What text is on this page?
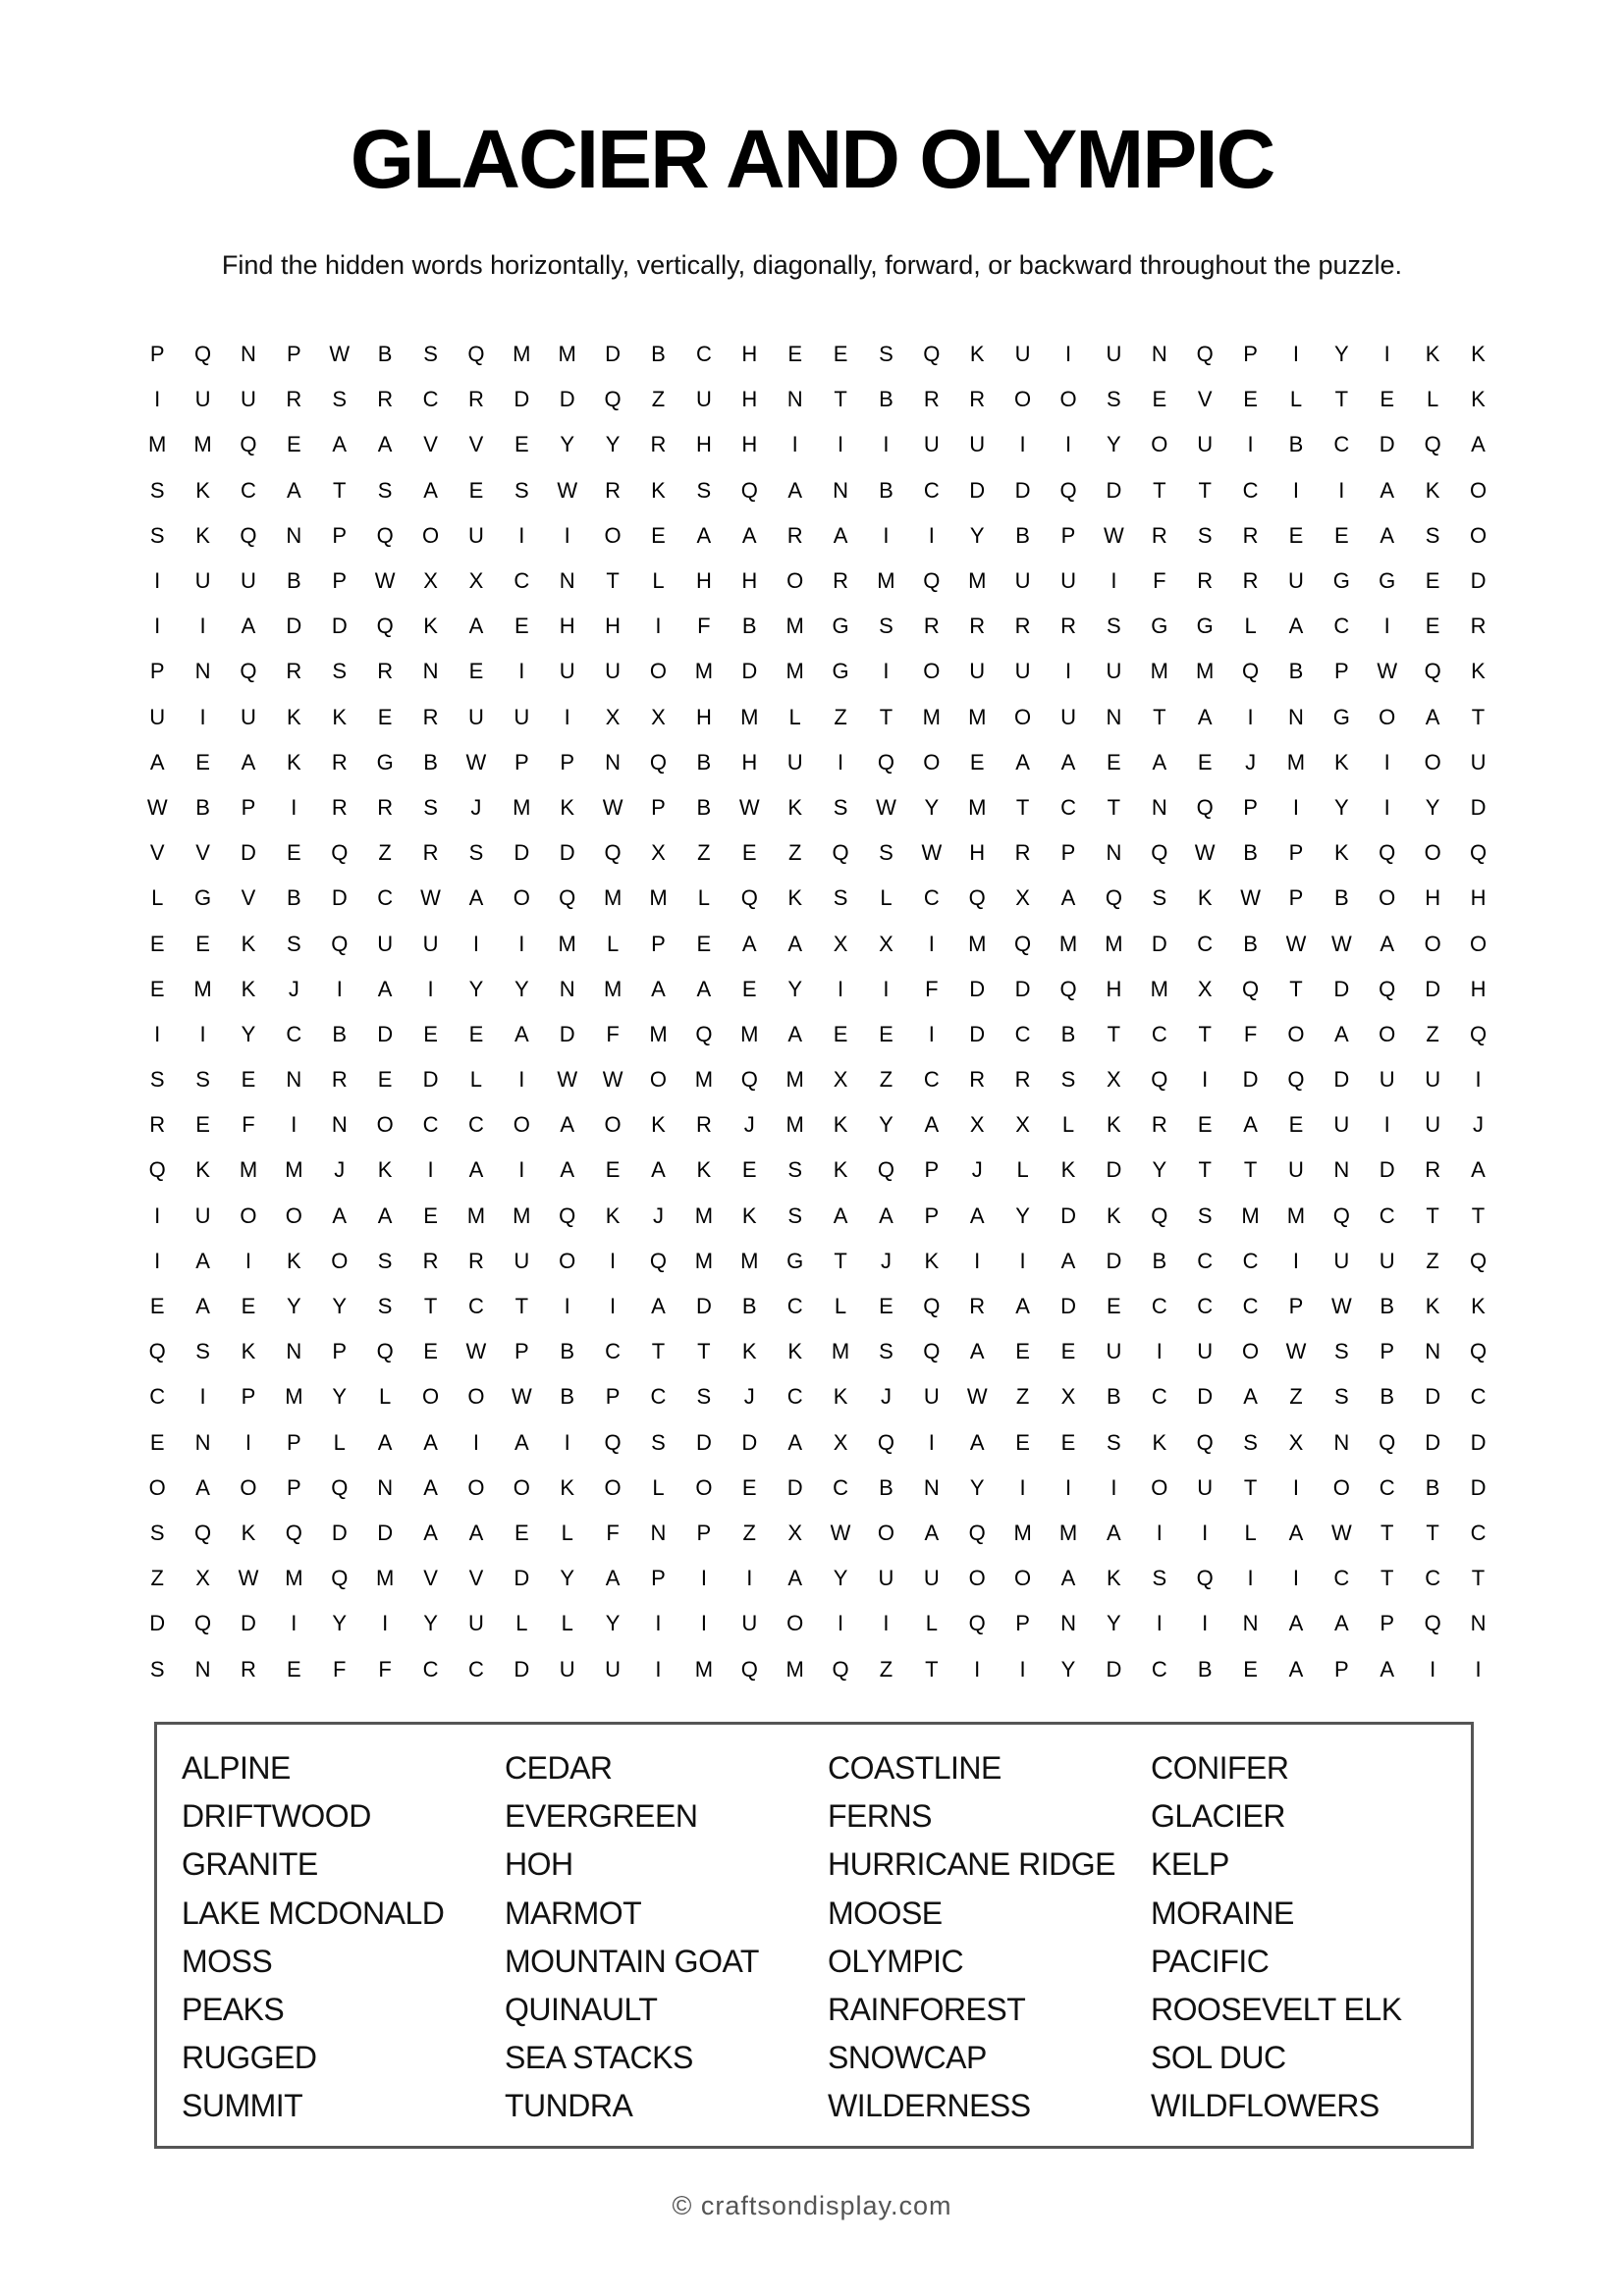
GLACIER AND OLYMPIC
Find the hidden words horizontally, vertically, diagonally, forward, or backward throughout the puzzle.
P	Q	N	P	W	B	S	Q	M	M	D	B	C	H	E	E	S	Q	K	U	I	U	N	Q	P	I	Y	I	K	K
I	U	U	R	S	R	C	R	D	D	Q	Z	U	H	N	T	B	R	R	O	O	S	E	V	E	L	T	E	L	K
M	M	Q	E	A	A	V	V	E	Y	Y	R	H	H	I	I	I	U	U	I	I	Y	O	U	I	B	C	D	Q	A
S	K	C	A	T	S	A	E	S	W	R	K	S	Q	A	N	B	C	D	D	Q	D	T	T	C	I	I	A	K	O
S	K	Q	N	P	Q	O	U	I	I	O	E	A	A	R	A	I	I	Y	B	P	W	R	S	R	E	E	A	S	O
I	U	U	B	P	W	X	X	C	N	T	L	H	H	O	R	M	Q	M	U	U	I	F	R	R	U	G	G	E	D
I	I	A	D	D	Q	K	A	E	H	H	I	F	B	M	G	S	R	R	R	R	S	G	G	L	A	C	I	E	R
P	N	Q	R	S	R	N	E	I	U	U	O	M	D	M	G	I	O	U	U	I	U	M	M	Q	B	P	W	Q	K
U	I	U	K	K	E	R	U	U	I	X	X	H	M	L	Z	T	M	M	O	U	N	T	A	I	N	G	O	A	T
A	E	A	K	R	G	B	W	P	P	N	Q	B	H	U	I	Q	O	E	A	A	E	A	E	J	M	K	I	O	U
W	B	P	I	R	R	S	J	M	K	W	P	B	W	K	S	W	Y	M	T	C	T	N	Q	P	I	Y	I	Y	D
V	V	D	E	Q	Z	R	S	D	D	Q	X	Z	E	Z	Q	S	W	H	R	P	N	Q	W	B	P	K	Q	O	Q
L	G	V	B	D	C	W	A	O	Q	M	M	L	Q	K	S	L	C	Q	X	A	Q	S	K	W	P	B	O	H	H
E	E	K	S	Q	U	U	I	I	M	L	P	E	A	A	X	X	I	M	Q	M	M	D	C	B	W	W	A	O	O
E	M	K	J	I	A	I	Y	Y	N	M	A	A	E	Y	I	I	F	D	D	Q	H	M	X	Q	T	D	Q	D	H
I	I	Y	C	B	D	E	E	A	D	F	M	Q	M	A	E	E	I	D	C	B	T	C	T	F	O	A	O	Z	Q
S	S	E	N	R	E	D	L	I	W	W	O	M	Q	M	X	Z	C	R	R	S	X	Q	I	D	Q	D	U	U	I
R	E	F	I	N	O	C	C	O	A	O	K	R	J	M	K	Y	A	X	X	L	K	R	E	A	E	U	I	U	J
Q	K	M	M	J	K	I	A	I	A	E	A	K	E	S	K	Q	P	J	L	K	D	Y	T	T	U	N	D	R	A
I	U	O	O	A	A	E	M	M	Q	K	J	M	K	S	A	A	P	A	Y	D	K	Q	S	M	M	Q	C	T	T
I	A	I	K	O	S	R	R	U	O	I	Q	M	M	G	T	J	K	I	I	A	D	B	C	C	I	U	U	Z	Q
E	A	E	Y	Y	S	T	C	T	I	I	A	D	B	C	L	E	Q	R	A	D	E	C	C	C	P	W	B	K	K
Q	S	K	N	P	Q	E	W	P	B	C	T	T	K	K	M	S	Q	A	E	E	U	I	U	O	W	S	P	N	Q
C	I	P	M	Y	L	O	O	W	B	P	C	S	J	C	K	J	U	W	Z	X	B	C	D	A	Z	S	B	D	C
E	N	I	P	L	A	A	I	A	I	Q	S	D	D	A	X	Q	I	A	E	E	S	K	Q	S	X	N	Q	D	D
O	A	O	P	Q	N	A	O	O	K	O	L	O	E	D	C	B	N	Y	I	I	I	O	U	T	I	O	C	B	D
S	Q	K	Q	D	D	A	A	E	L	F	N	P	Z	X	W	O	A	Q	M	M	A	I	I	L	A	W	T	T	C
Z	X	W	M	Q	M	V	V	D	Y	A	P	I	I	A	Y	U	U	O	O	A	K	S	Q	I	I	C	T	C	T
D	Q	D	I	Y	I	Y	U	L	L	Y	I	I	U	O	I	I	L	Q	P	N	Y	I	I	N	A	A	P	Q	N
S	N	R	E	F	F	C	C	D	U	U	I	M	Q	M	Q	Z	T	I	I	Y	D	C	B	E	A	P	A	I	I
ALPINE	CEDAR	COASTLINE	CONIFER
DRIFTWOOD	EVERGREEN	FERNS	GLACIER
GRANITE	HOH	HURRICANE RIDGE	KELP
LAKE MCDONALD	MARMOT	MOOSE	MORAINE
MOSS	MOUNTAIN GOAT	OLYMPIC	PACIFIC
PEAKS	QUINAULT	RAINFOREST	ROOSEVELT ELK
RUGGED	SEA STACKS	SNOWCAP	SOL DUC
SUMMIT	TUNDRA	WILDERNESS	WILDFLOWERS
© craftsondisplay.com
